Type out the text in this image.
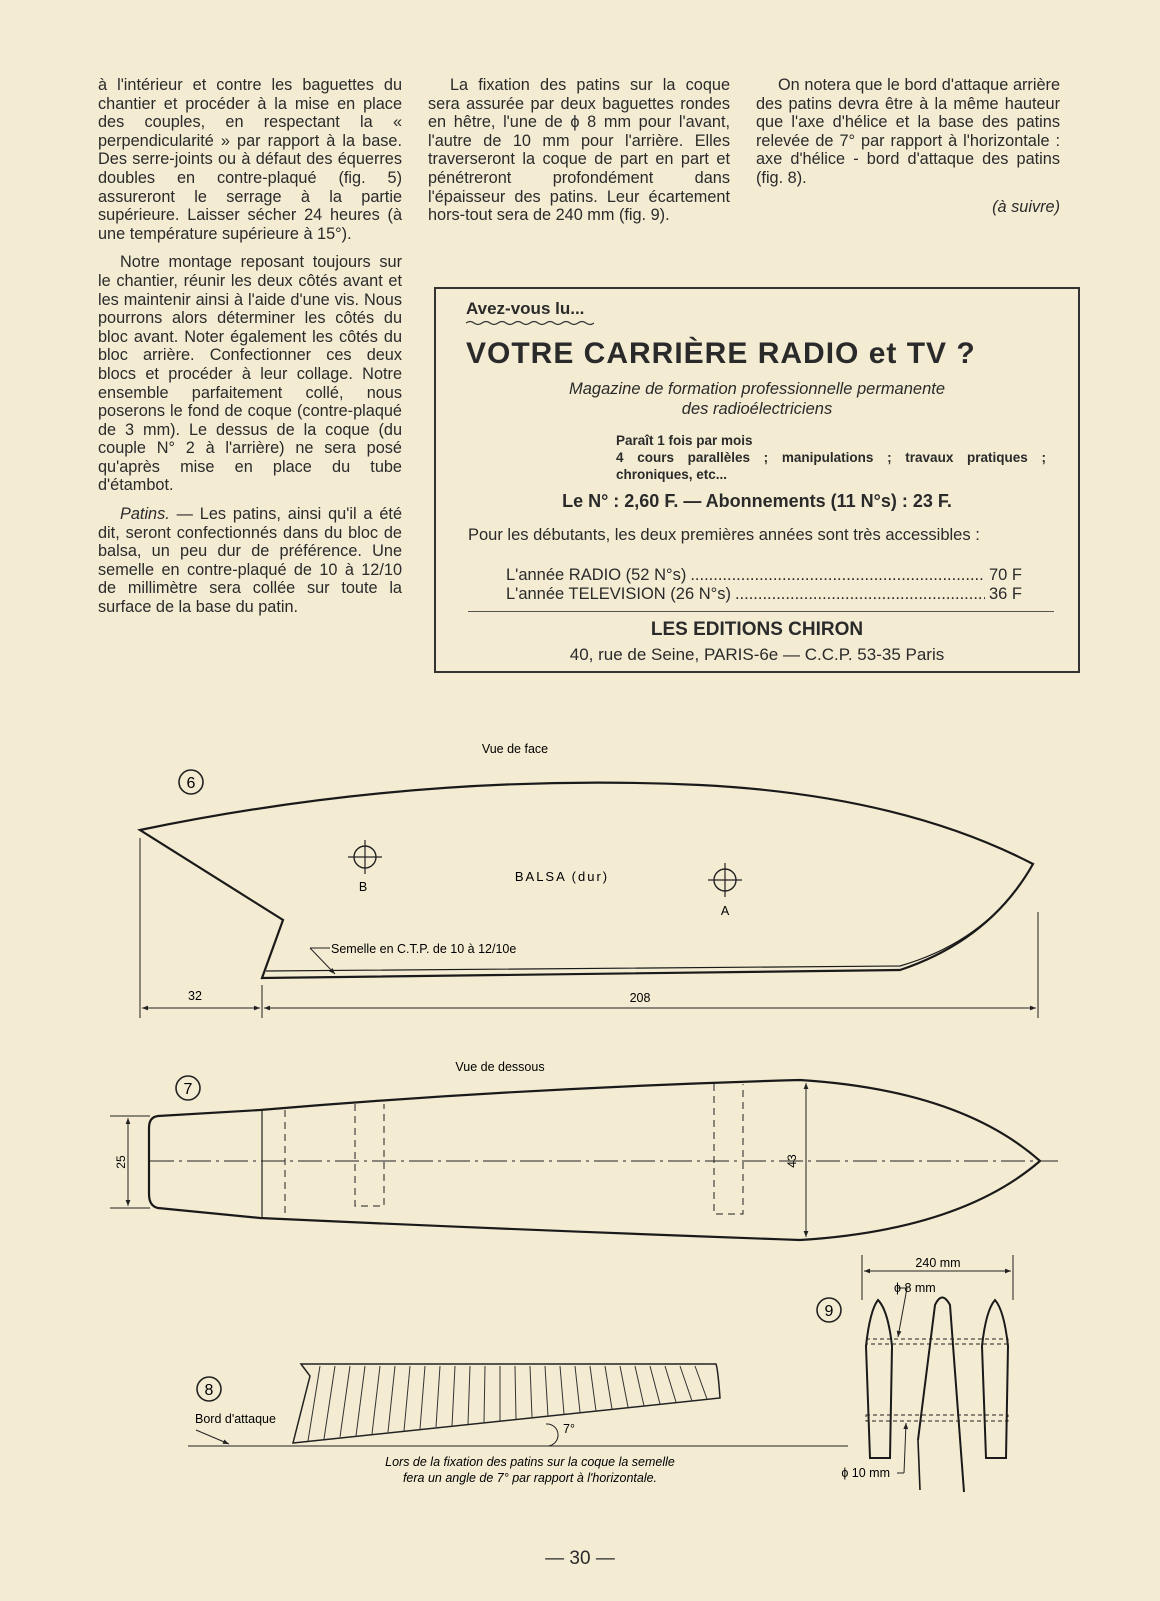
à l'intérieur et contre les baguettes du chantier et procéder à la mise en place des couples, en respectant la « perpendicularité » par rapport à la base. Des serre-joints ou à défaut des équerres doubles en contre-plaqué (fig. 5) assureront le serrage à la partie supérieure. Laisser sécher 24 heures (à une température supérieure à 15°).

Notre montage reposant toujours sur le chantier, réunir les deux côtés avant et les maintenir ainsi à l'aide d'une vis. Nous pourrons alors déterminer les côtés du bloc avant. Noter également les côtés du bloc arrière. Confectionner ces deux blocs et procéder à leur collage. Notre ensemble parfaitement collé, nous poserons le fond de coque (contre-plaqué de 3 mm). Le dessus de la coque (du couple N° 2 à l'arrière) ne sera posé qu'après mise en place du tube d'étambot.

Patins. — Les patins, ainsi qu'il a été dit, seront confectionnés dans du bloc de balsa, un peu dur de préférence. Une semelle en contre-plaqué de 10 à 12/10 de millimètre sera collée sur toute la surface de la base du patin.

La fixation des patins sur la coque sera assurée par deux baguettes rondes en hêtre, l'une de ϕ 8 mm pour l'avant, l'autre de 10 mm pour l'arrière. Elles traverseront la coque de part en part et pénétreront profondément dans l'épaisseur des patins. Leur écartement hors-tout sera de 240 mm (fig. 9).

On notera que le bord d'attaque arrière des patins devra être à la même hauteur que l'axe d'hélice et la base des patins relevée de 7° par rapport à l'horizontale : axe d'hélice - bord d'attaque des patins (fig. 8).

(à suivre)
Avez-vous lu...
VOTRE CARRIÈRE RADIO et TV ?
Magazine de formation professionnelle permanente
des radioélectriciens
Paraît 1 fois par mois
4 cours parallèles ; manipulations ; travaux pratiques ; chroniques, etc...
Le N° : 2,60 F. — Abonnements (11 N°s) : 23 F.
Pour les débutants, les deux premières années sont très accessibles :
L'année RADIO (52 N°s) .....	70 F
L'année TELEVISION (26 N°s) .....	36 F
LES EDITIONS CHIRON
40, rue de Seine, PARIS-6e — C.C.P. 53-35 Paris
6
Vue de face
B
A
BALSA (dur)
Semelle en C.T.P. de 10 à 12/10e
32	208
7
Vue de dessous
25	43
8
7°
Bord d'attaque
Lors de la fixation des patins sur la coque la semelle
fera un angle de 7° par rapport à l'horizontale.
9
240 mm
ϕ 8 mm
ϕ 10 mm
— 30 —
